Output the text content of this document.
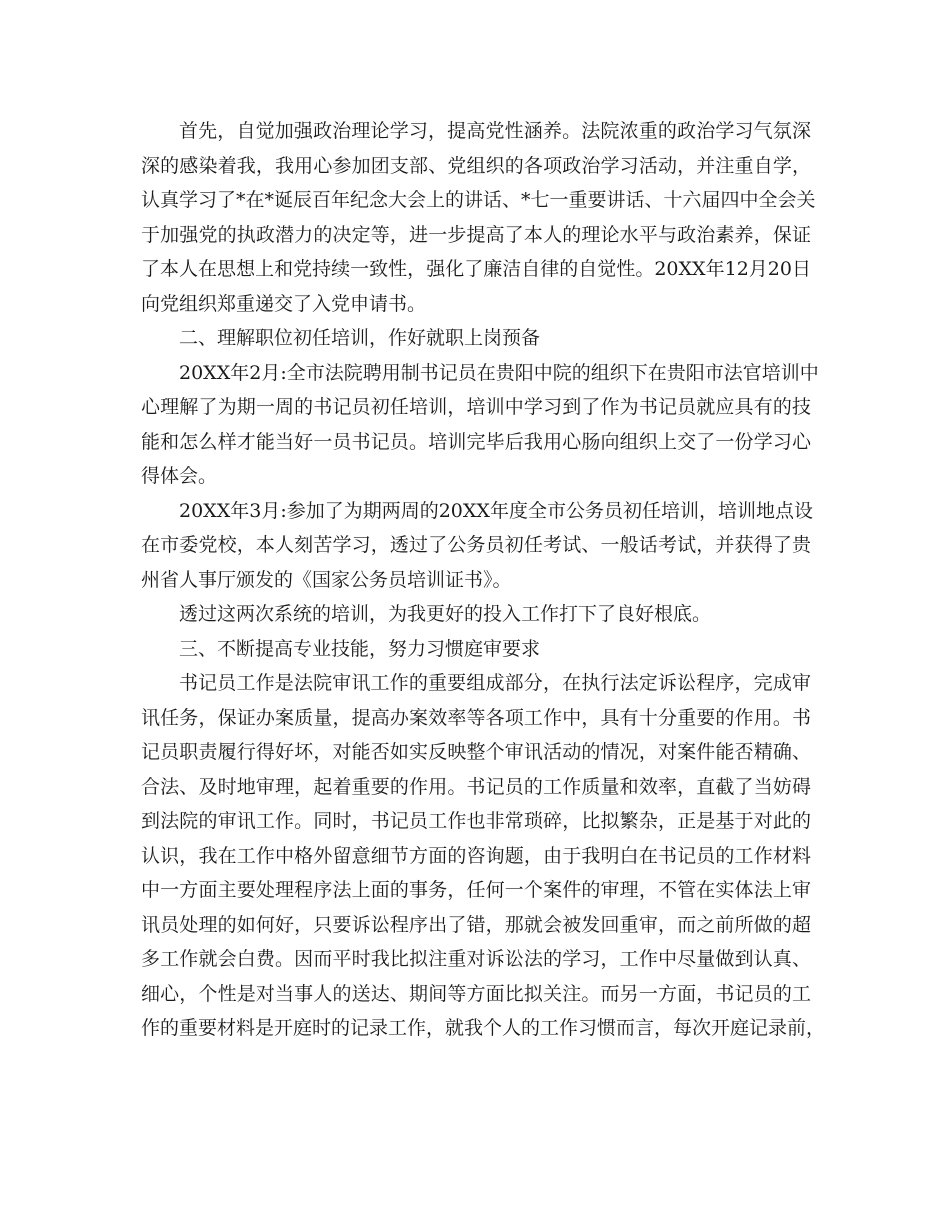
首先，自觉加强政治理论学习，提高党性涵养。法院浓重的政治学习气氛深
深的感染着我，我用心参加团支部、党组织的各项政治学习活动，并注重自学，
认真学习了*在*诞辰百年纪念大会上的讲话、*七一重要讲话、十六届四中全会关
于加强党的执政潜力的决定等，进一步提高了本人的理论水平与政治素养，保证
了本人在思想上和党持续一致性，强化了廉洁自律的自觉性。20XX年12月20日
向党组织郑重递交了入党申请书。
二、理解职位初任培训，作好就职上岗预备
20XX年2月:全市法院聘用制书记员在贵阳中院的组织下在贵阳市法官培训中
心理解了为期一周的书记员初任培训，培训中学习到了作为书记员就应具有的技
能和怎么样才能当好一员书记员。培训完毕后我用心肠向组织上交了一份学习心
得体会。
20XX年3月:参加了为期两周的20XX年度全市公务员初任培训，培训地点设
在市委党校，本人刻苦学习，透过了公务员初任考试、一般话考试，并获得了贵
州省人事厅颁发的《国家公务员培训证书》。
透过这两次系统的培训，为我更好的投入工作打下了良好根底。
三、不断提高专业技能，努力习惯庭审要求
书记员工作是法院审讯工作的重要组成部分，在执行法定诉讼程序，完成审
讯任务，保证办案质量，提高办案效率等各项工作中，具有十分重要的作用。书
记员职责履行得好坏，对能否如实反映整个审讯活动的情况，对案件能否精确、
合法、及时地审理，起着重要的作用。书记员的工作质量和效率，直截了当妨碍
到法院的审讯工作。同时，书记员工作也非常琐碎，比拟繁杂，正是基于对此的
认识，我在工作中格外留意细节方面的咨询题，由于我明白在书记员的工作材料
中一方面主要处理程序法上面的事务，任何一个案件的审理，不管在实体法上审
讯员处理的如何好，只要诉讼程序出了错，那就会被发回重审，而之前所做的超
多工作就会白费。因而平时我比拟注重对诉讼法的学习，工作中尽量做到认真、
细心，个性是对当事人的送达、期间等方面比拟关注。而另一方面，书记员的工
作的重要材料是开庭时的记录工作，就我个人的工作习惯而言，每次开庭记录前，
